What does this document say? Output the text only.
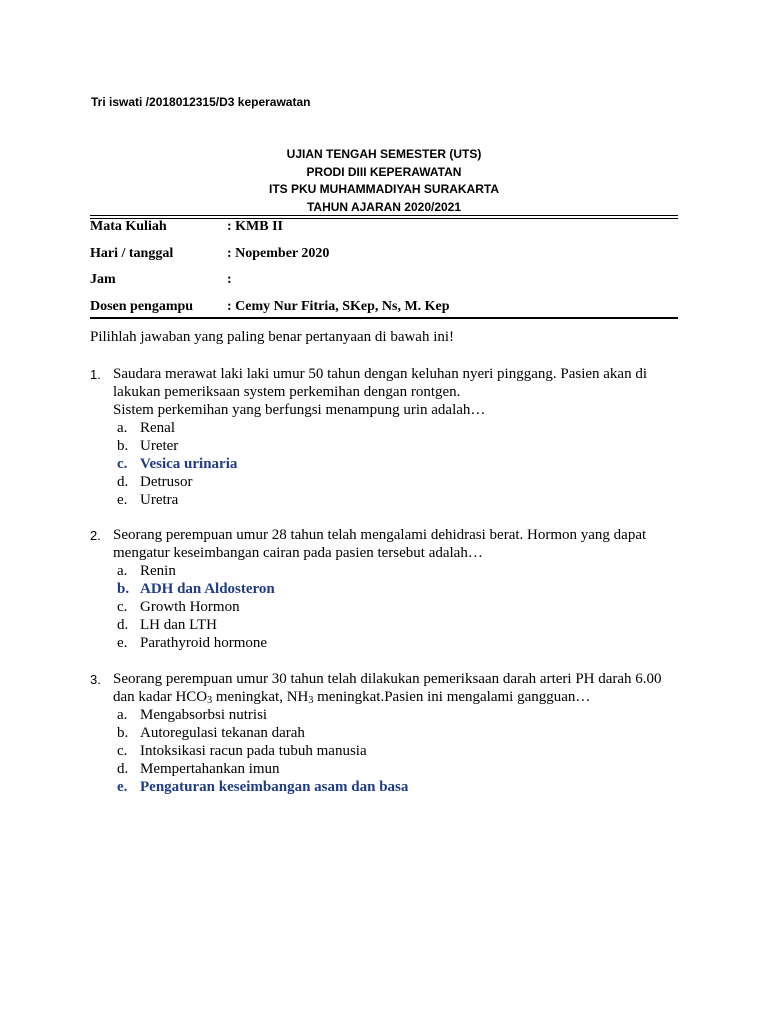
Tri iswati /2018012315/D3 keperawatan
UJIAN TENGAH SEMESTER (UTS)
PRODI DIII KEPERAWATAN
ITS PKU MUHAMMADIYAH SURAKARTA
TAHUN AJARAN 2020/2021
Mata Kuliah	: KMB II
Hari / tanggal	: Nopember 2020
Jam	:
Dosen pengampu : Cemy Nur Fitria, SKep, Ns, M. Kep
Pilihlah jawaban yang paling benar pertanyaan di bawah ini!
1. Saudara merawat laki laki umur 50 tahun dengan keluhan nyeri pinggang. Pasien akan di lakukan pemeriksaan system perkemihan dengan rontgen.

Sistem perkemihan yang berfungsi menampung urin adalah…

a. Renal
b. Ureter
c. Vesica urinaria
d. Detrusor
e. Uretra
2. Seorang perempuan umur 28 tahun telah mengalami dehidrasi berat. Hormon yang dapat mengatur keseimbangan cairan pada pasien tersebut adalah…

a. Renin
b. ADH dan Aldosteron
c. Growth Hormon
d. LH dan LTH
e. Parathyroid hormone
3. Seorang perempuan umur 30 tahun telah dilakukan pemeriksaan darah arteri PH darah 6.00 dan kadar $HCO_3$ meningkat, $NH_3$ meningkat.Pasien ini mengalami gangguan…

a. Mengabsorbsi nutrisi
b. Autoregulasi tekanan darah
c. Intoksikasi racun pada tubuh manusia
d. Mempertahankan imun
e. Pengaturan keseimbangan asam dan basa
